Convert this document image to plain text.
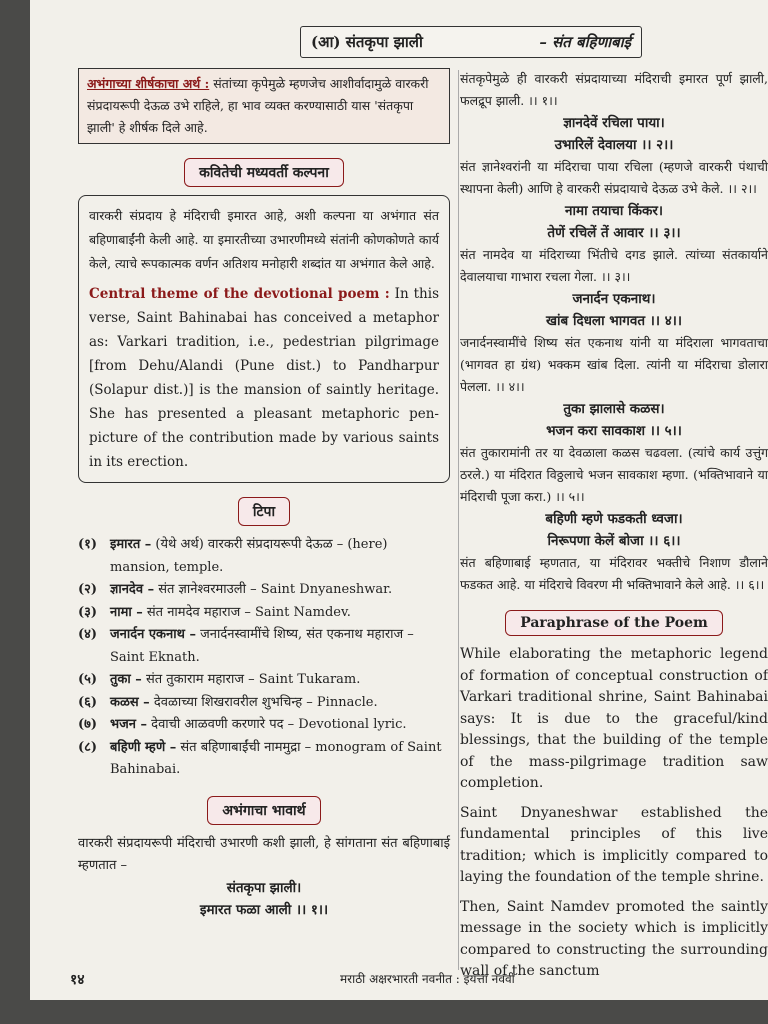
(आ) संतकृपा झाली	– संत बहिणाबाई
अभंगाच्या शीर्षकाचा अर्थ : संतांच्या कृपेमुळे म्हणजेच आशीर्वादामुळे वारकरी संप्रदायरूपी देऊळ उभे राहिले, हा भाव व्यक्त करण्यासाठी यास 'संतकृपा झाली' हे शीर्षक दिले आहे.
कवितेची मध्यवर्ती कल्पना

वारकरी संप्रदाय हे मंदिराची इमारत आहे, अशी कल्पना या अभंगात संत बहिणाबाईंनी केली आहे. या इमारतीच्या उभारणीमध्ये संतांनी कोणकोणते कार्य केले, त्याचे रूपकात्मक वर्णन अतिशय मनोहारी शब्दांत या अभंगात केले आहे.

Central theme of the devotional poem : In this verse, Saint Bahinabai has conceived a metaphor as: Varkari tradition, i.e., pedestrian pilgrimage [from Dehu/Alandi (Pune dist.) to Pandharpur (Solapur dist.)] is the mansion of saintly heritage. She has presented a pleasant metaphoric pen-picture of the contribution made by various saints in its erection.
टिपा
(१) इमारत – (येथे अर्थ) वारकरी संप्रदायरूपी देऊळ – (here) mansion, temple.
(२) ज्ञानदेव – संत ज्ञानेश्वरमाउली – Saint Dnyaneshwar.
(३) नामा – संत नामदेव महाराज – Saint Namdev.
(४) जनार्दन एकनाथ – जनार्दनस्वामींचे शिष्य, संत एकनाथ महाराज – Saint Eknath.
(५) तुका – संत तुकाराम महाराज – Saint Tukaram.
(६) कळस – देवळाच्या शिखरावरील शुभचिन्ह – Pinnacle.
(७) भजन – देवाची आळवणी करणारे पद – Devotional lyric.
(८) बहिणी म्हणे – संत बहिणाबाईंची नाममुद्रा – monogram of Saint Bahinabai.
अभंगाचा भावार्थ
वारकरी संप्रदायरूपी मंदिराची उभारणी कशी झाली, हे सांगताना संत बहिणाबाई म्हणतात –
संतकृपा झाली।
इमारत फळा आली ।। १।।
संतकृपेमुळे ही वारकरी संप्रदायाच्या मंदिराची इमारत पूर्ण झाली, फलद्रूप झाली. ।। १।।
ज्ञानदेवें रचिला पाया।
उभारिलें देवालया ।। २।।
संत ज्ञानेश्वरांनी या मंदिराचा पाया रचिला (म्हणजे वारकरी पंथाची स्थापना केली) आणि हे वारकरी संप्रदायाचे देऊळ उभे केले. ।। २।।
नामा तयाचा किंकर।
तेणें रचिलें तें आवार ।। ३।।
संत नामदेव या मंदिराच्या भिंतीचे दगड झाले. त्यांच्या संतकार्याने देवालयाचा गाभारा रचला गेला. ।। ३।।
जनार्दन एकनाथ।
खांब दिधला भागवत ।। ४।।
जनार्दनस्वामींचे शिष्य संत एकनाथ यांनी या मंदिराला भागवताचा (भागवत हा ग्रंथ) भक्कम खांब दिला. त्यांनी या मंदिराचा डोलारा पेलला. ।। ४।।
तुका झालासे कळस।
भजन करा सावकाश ।। ५।।
संत तुकारामांनी तर या देवळाला कळस चढवला. (त्यांचे कार्य उत्तुंग ठरले.) या मंदिरात विठ्ठलाचे भजन सावकाश म्हणा. (भक्तिभावाने या मंदिराची पूजा करा.) ।। ५।।
बहिणी म्हणे फडकती ध्वजा।
निरूपणा केलें बोजा ।। ६।।
संत बहिणाबाई म्हणतात, या मंदिरावर भक्तीचे निशाण डौलाने फडकत आहे. या मंदिराचे विवरण मी भक्तिभावाने केले आहे. ।। ६।।
Paraphrase of the Poem
While elaborating the metaphoric legend of formation of conceptual construction of Varkari traditional shrine, Saint Bahinabai says: It is due to the graceful/kind blessings, that the building of the temple of the mass-pilgrimage tradition saw completion.
Saint Dnyaneshwar established the fundamental principles of this live tradition; which is implicitly compared to laying the foundation of the temple shrine.
Then, Saint Namdev promoted the saintly message in the society which is implicitly compared to constructing the surrounding wall of the sanctum
१४	मराठी अक्षरभारती नवनीत : इयत्ता नववी
